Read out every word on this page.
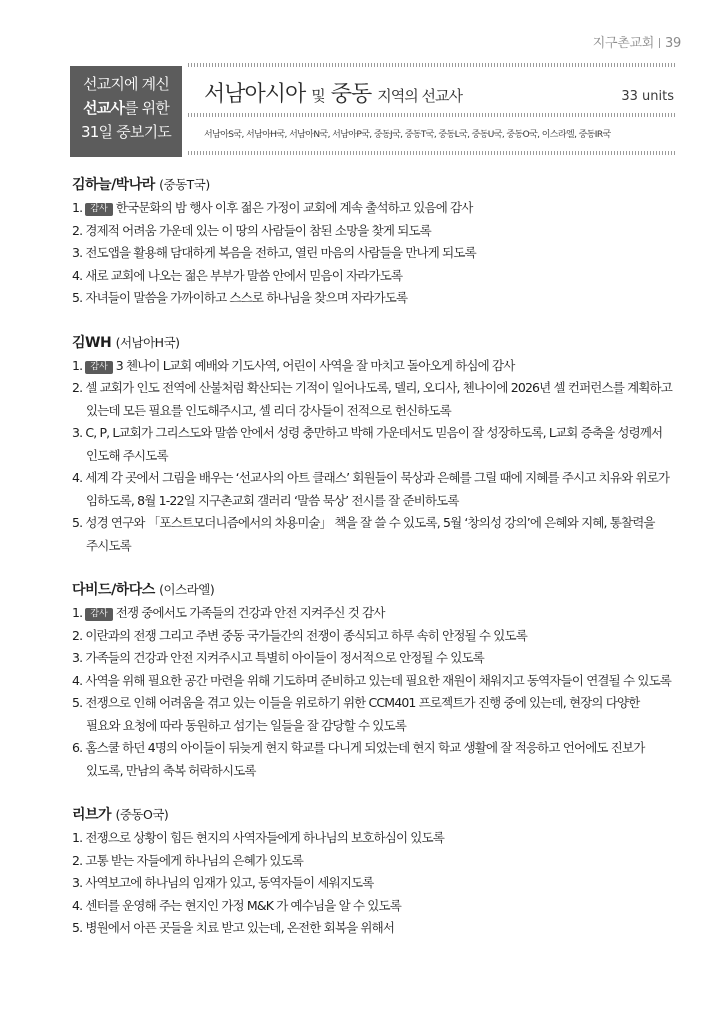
지구촌교회 39
선교지에 계신
선교사를 위한
31일 중보기도
서남아시아 및 중동 지역의 선교사	33 units
서남아S국, 서남아H국, 서남아N국, 서남아P국, 중동J국, 중동T국, 중동L국, 중동U국, 중동O국, 이스라엘, 중동IR국
김하늘/박나라 (중동T국)
1. 감사 한국문화의 밤 행사 이후 젊은 가정이 교회에 계속 출석하고 있음에 감사
2. 경제적 어려움 가운데 있는 이 땅의 사람들이 참된 소망을 찾게 되도록
3. 전도앱을 활용해 담대하게 복음을 전하고, 열린 마음의 사람들을 만나게 되도록
4. 새로 교회에 나오는 젊은 부부가 말씀 안에서 믿음이 자라가도록
5. 자녀들이 말씀을 가까이하고 스스로 하나님을 찾으며 자라가도록
김WH (서남아H국)
1. 감사 3 첸나이 L교회 예배와 기도사역, 어린이 사역을 잘 마치고 돌아오게 하심에 감사
2. 셀 교회가 인도 전역에 산불처럼 확산되는 기적이 일어나도록, 델리, 오디사, 첸나이에 2026년 셀 컨퍼런스를 계획하고
있는데 모든 필요를 인도해주시고, 셀 리더 강사들이 전적으로 헌신하도록
3. C, P, L교회가 그리스도와 말씀 안에서 성령 충만하고 박해 가운데서도 믿음이 잘 성장하도록, L교회 증축을 성령께서
인도해 주시도록
4. 세계 각 곳에서 그림을 배우는 ‘선교사의 아트 클래스’ 회원들이 묵상과 은혜를 그릴 때에 지혜를 주시고 치유와 위로가
임하도록, 8월 1-22일 지구촌교회 갤러리 ‘말씀 묵상’ 전시를 잘 준비하도록
5. 성경 연구와 「포스트모더니즘에서의 차용미술」 책을 잘 쓸 수 있도록, 5월 ‘창의성 강의’에 은혜와 지혜, 통찰력을
주시도록
다비드/하다스 (이스라엘)
1. 감사 전쟁 중에서도 가족들의 건강과 안전 지켜주신 것 감사
2. 이란과의 전쟁 그리고 주변 중동 국가들간의 전쟁이 종식되고 하루 속히 안정될 수 있도록
3. 가족들의 건강과 안전 지켜주시고 특별히 아이들이 정서적으로 안정될 수 있도록
4. 사역을 위해 필요한 공간 마련을 위해 기도하며 준비하고 있는데 필요한 재원이 채워지고 동역자들이 연결될 수 있도록
5. 전쟁으로 인해 어려움을 겪고 있는 이들을 위로하기 위한 CCM401 프로젝트가 진행 중에 있는데, 현장의 다양한
필요와 요청에 따라 동원하고 섬기는 일들을 잘 감당할 수 있도록
6. 홈스쿨 하던 4명의 아이들이 뒤늦게 현지 학교를 다니게 되었는데 현지 학교 생활에 잘 적응하고 언어에도 진보가
있도록, 만남의 축복 허락하시도록
리브가 (중동O국)
1. 전쟁으로 상황이 힘든 현지의 사역자들에게 하나님의 보호하심이 있도록
2. 고통 받는 자들에게 하나님의 은혜가 있도록
3. 사역보고에 하나님의 임재가 있고, 동역자들이 세워지도록
4. 센터를 운영해 주는 현지인 가정 M&K 가 예수님을 알 수 있도록
5. 병원에서 아픈 곳들을 치료 받고 있는데, 온전한 회복을 위해서
